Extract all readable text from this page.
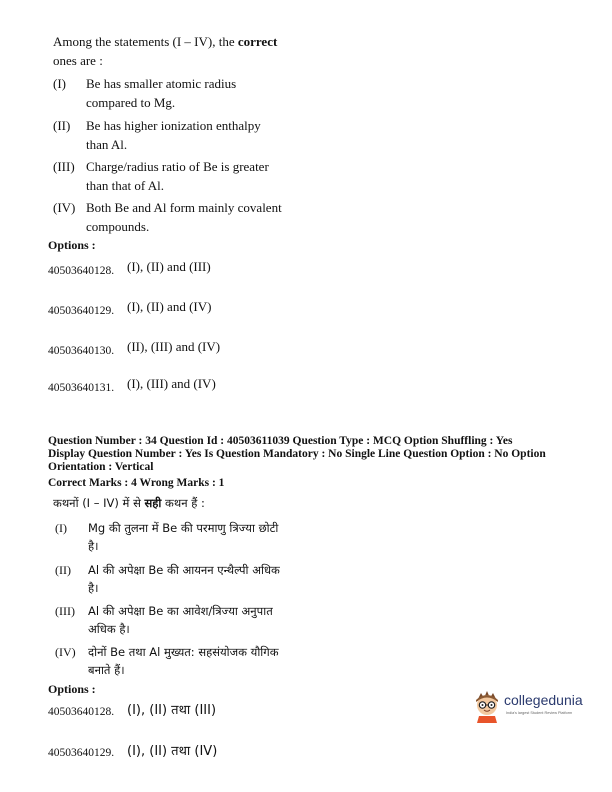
Among the statements (I – IV), the correct
ones are :
(I) Be has smaller atomic radius
compared to Mg.
(II) Be has higher ionization enthalpy
than Al.
(III) Charge/radius ratio of Be is greater
than that of Al.
(IV) Both Be and Al form mainly covalent
compounds.
Options :
40503640128. (I), (II) and (III)
40503640129. (I), (II) and (IV)
40503640130. (II), (III) and (IV)
40503640131. (I), (III) and (IV)
Question Number : 34 Question Id : 40503611039 Question Type : MCQ Option Shuffling : Yes
Display Question Number : Yes Is Question Mandatory : No Single Line Question Option : No Option
Orientation : Vertical
Correct Marks : 4 Wrong Marks : 1
कथनों (I – IV) में से सही कथन हैं :
(I) Mg की तुलना में Be की परमाणु त्रिज्या छोटी
है।
(II) Al की अपेक्षा Be की आयनन एन्थैल्पी अधिक
है।
(III) Al की अपेक्षा Be का आवेश/त्रिज्या अनुपात
अधिक है।
(IV) दोनों Be तथा Al मुख्यत: सहसंयोजक यौगिक
बनाते हैं।
Options :
40503640128. (I), (II) तथा (III)
40503640129. (I), (II) तथा (IV)
collegedunia
India's largest Student Review Platform
